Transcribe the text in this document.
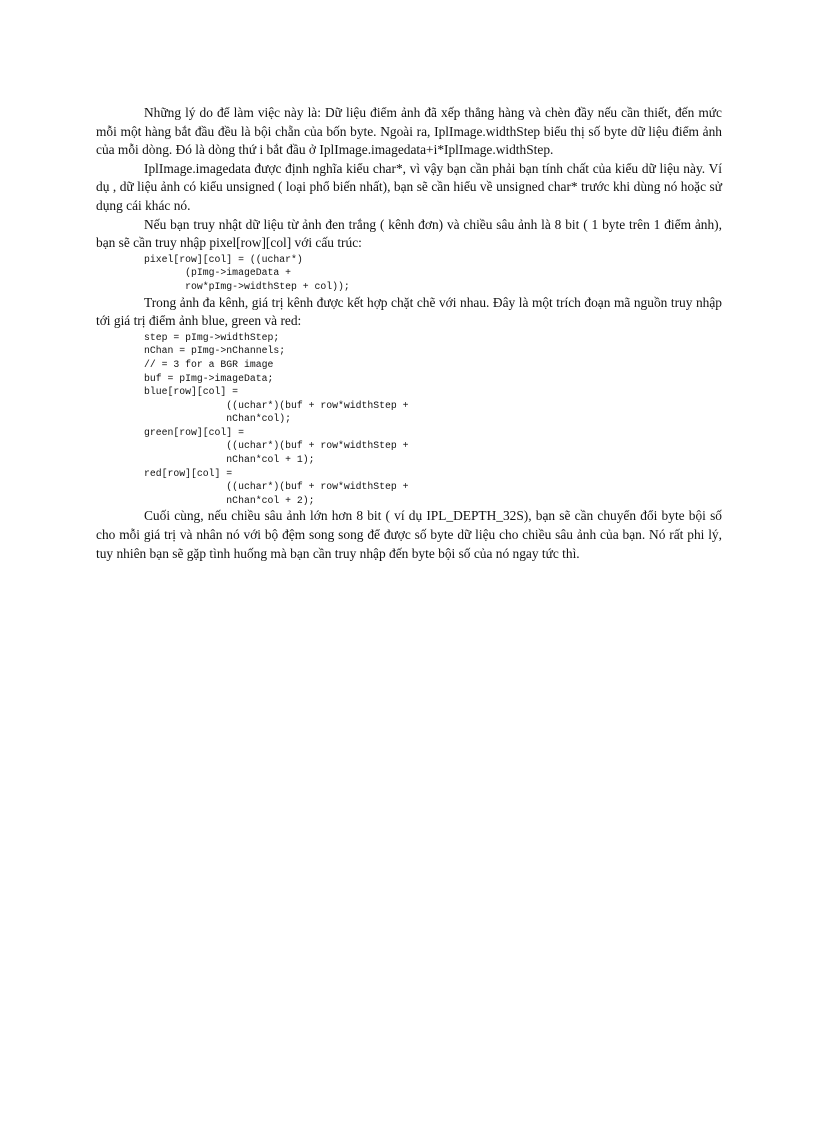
Những lý do để làm việc này là: Dữ liệu điểm ảnh đã xếp thẳng hàng và chèn đầy nếu cần thiết, đến mức mỗi một hàng bắt đầu đều là bội chẵn của bốn byte. Ngoài ra, IplImage.widthStep biểu thị số byte dữ liệu điểm ảnh của mỗi dòng. Đó là dòng thứ i bắt đầu ở IplImage.imagedata+i*IplImage.widthStep.

IplImage.imagedata được định nghĩa kiểu char*, vì vậy bạn cần phải bạn tính chất của kiểu dữ liệu này. Ví dụ , dữ liệu ảnh có kiểu unsigned ( loại phổ biến nhất), bạn sẽ cần hiểu về unsigned char* trước khi dùng nó hoặc sử dụng cái khác nó.

Nếu bạn truy nhật dữ liệu từ ảnh đen trắng ( kênh đơn) và chiều sâu ảnh là 8 bit ( 1 byte trên 1 điểm ảnh), bạn sẽ cần truy nhập pixel[row][col] với cấu trúc:

pixel[row][col] = ((uchar*)
(pImg->imageData +
row*pImg->widthStep + col));

Trong ảnh đa kênh, giá trị kênh được kết hợp chặt chẽ với nhau. Đây là một trích đoạn mã nguồn truy nhập tới giá trị điểm ảnh blue, green và red:

step = pImg->widthStep;
nChan = pImg->nChannels;
// = 3 for a BGR image
buf = pImg->imageData;
blue[row][col] =
((uchar*)(buf + row*widthStep +
nChan*col);
green[row][col] =
((uchar*)(buf + row*widthStep +
nChan*col + 1);
red[row][col] =
((uchar*)(buf + row*widthStep +
nChan*col + 2);

Cuối cùng, nếu chiều sâu ảnh lớn hơn 8 bit ( ví dụ IPL_DEPTH_32S), bạn sẽ cần chuyển đổi byte bội số cho mỗi giá trị và nhân nó với bộ đệm song song để được số byte dữ liệu cho chiều sâu ảnh của bạn. Nó rất phi lý, tuy nhiên bạn sẽ gặp tình huống mà bạn cần truy nhập đến byte bội số của nó ngay tức thì.
